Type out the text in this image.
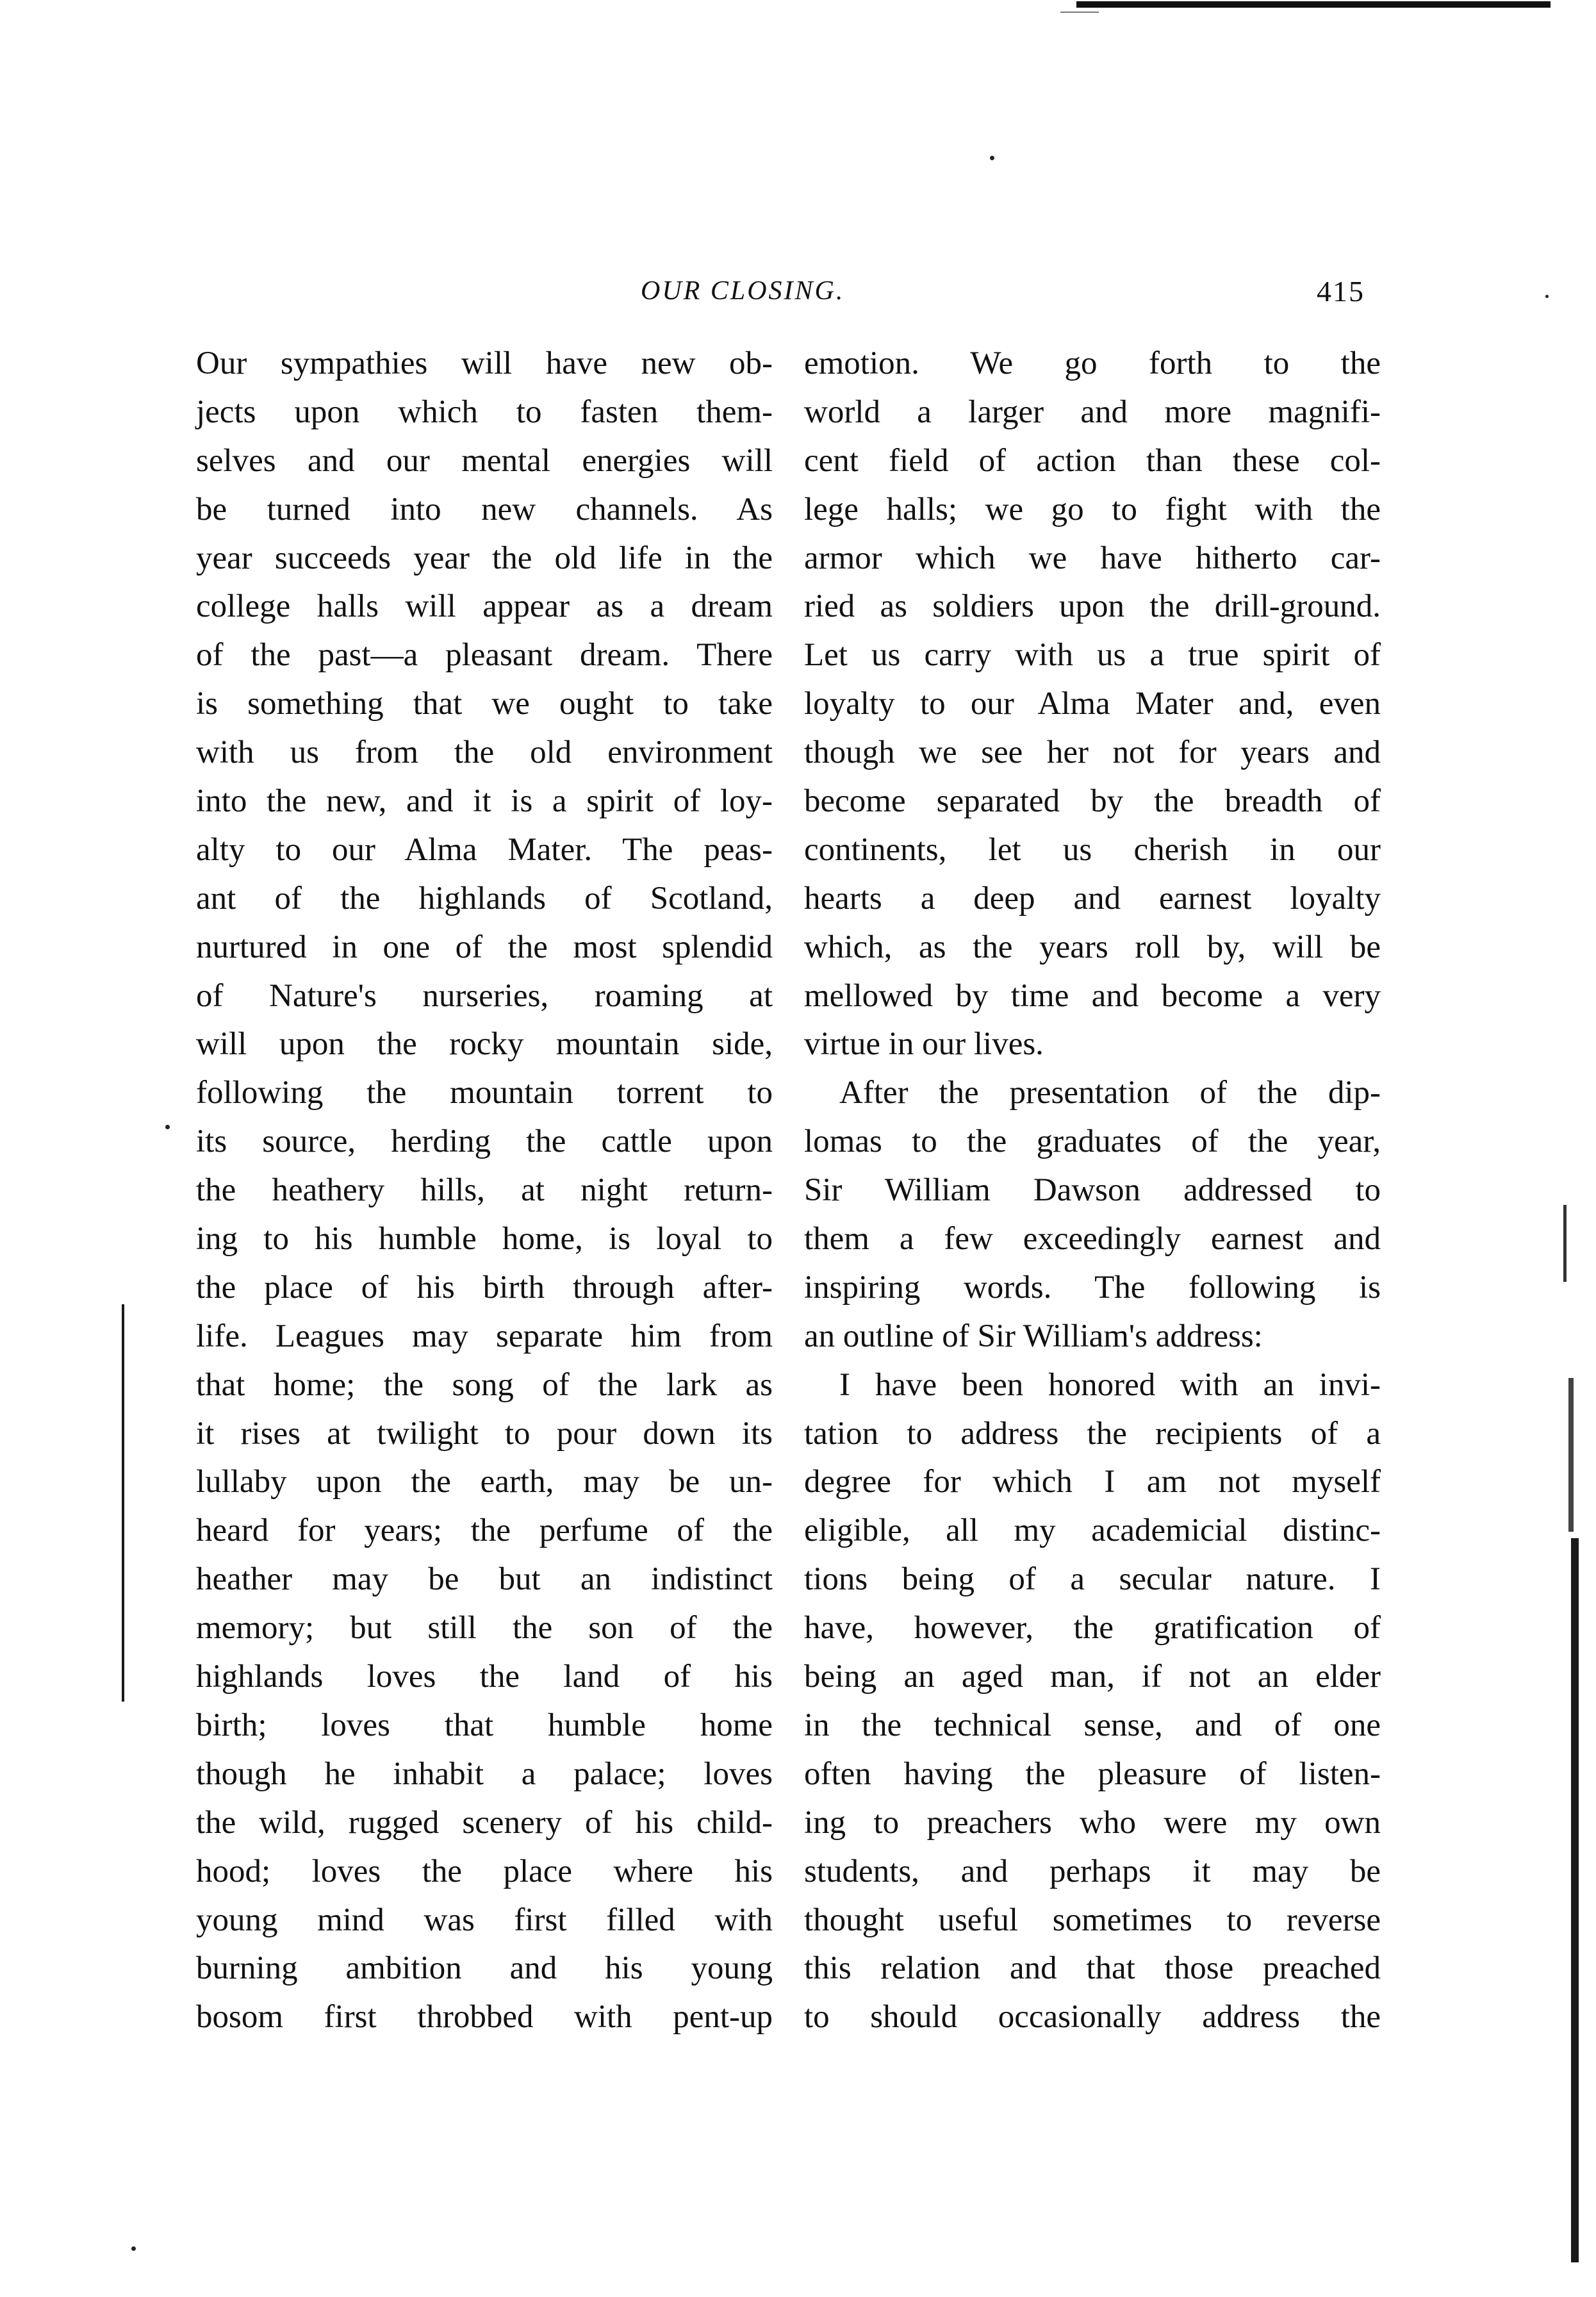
OUR CLOSING.	415
Our sympathies will have new ob-
jects upon which to fasten them-
selves and our mental energies will
be turned into new channels. As
year succeeds year the old life in the
college halls will appear as a dream
of the past—a pleasant dream. There
is something that we ought to take
with us from the old environment
into the new, and it is a spirit of loy-
alty to our Alma Mater. The peas-
ant of the highlands of Scotland,
nurtured in one of the most splendid
of Nature's nurseries, roaming at
will upon the rocky mountain side,
following the mountain torrent to
its source, herding the cattle upon
the heathery hills, at night return-
ing to his humble home, is loyal to
the place of his birth through after-
life. Leagues may separate him from
that home; the song of the lark as
it rises at twilight to pour down its
lullaby upon the earth, may be un-
heard for years; the perfume of the
heather may be but an indistinct
memory; but still the son of the
highlands loves the land of his
birth; loves that humble home
though he inhabit a palace; loves
the wild, rugged scenery of his child-
hood; loves the place where his
young mind was first filled with
burning ambition and his young
bosom first throbbed with pent-up
emotion. We go forth to the
world a larger and more magnifi-
cent field of action than these col-
lege halls; we go to fight with the
armor which we have hitherto car-
ried as soldiers upon the drill-ground.
Let us carry with us a true spirit of
loyalty to our Alma Mater and, even
though we see her not for years and
become separated by the breadth of
continents, let us cherish in our
hearts a deep and earnest loyalty
which, as the years roll by, will be
mellowed by time and become a very
virtue in our lives.
After the presentation of the dip-
lomas to the graduates of the year,
Sir William Dawson addressed to
them a few exceedingly earnest and
inspiring words. The following is
an outline of Sir William's address:
I have been honored with an invi-
tation to address the recipients of a
degree for which I am not myself
eligible, all my academicial distinc-
tions being of a secular nature. I
have, however, the gratification of
being an aged man, if not an elder
in the technical sense, and of one
often having the pleasure of listen-
ing to preachers who were my own
students, and perhaps it may be
thought useful sometimes to reverse
this relation and that those preached
to should occasionally address the
